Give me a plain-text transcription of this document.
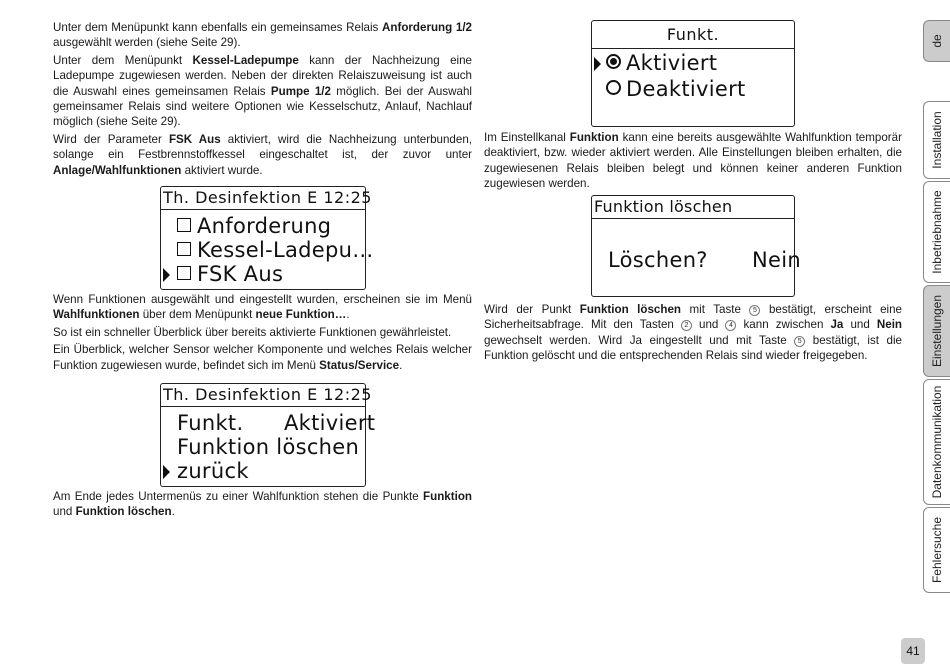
Unter dem Menüpunkt kann ebenfalls ein gemeinsames Relais Anforderung 1/2 ausgewählt werden (siehe Seite 29).

Unter dem Menüpunkt Kessel-Ladepumpe kann der Nachheizung eine Ladepumpe zugewiesen werden. Neben der direkten Relaiszuweisung ist auch die Auswahl eines gemeinsamen Relais Pumpe 1/2 möglich. Bei der Auswahl gemeinsamer Relais sind weitere Optionen wie Kesselschutz, Anlauf, Nachlauf möglich (siehe Seite 29).

Wird der Parameter FSK Aus aktiviert, wird die Nachheizung unterbunden, solange ein Festbrennstoffkessel eingeschaltet ist, der zuvor unter Anlage/Wahlfunktionen aktiviert wurde.

Th. Desinfektion E 12:25
Anforderung
Kessel-Ladepu…
FSK Aus

Wenn Funktionen ausgewählt und eingestellt wurden, erscheinen sie im Menü Wahlfunktionen über dem Menüpunkt neue Funktion….

So ist ein schneller Überblick über bereits aktivierte Funktionen gewährleistet.

Ein Überblick, welcher Sensor welcher Komponente und welches Relais welcher Funktion zugewiesen wurde, befindet sich im Menü Status/Service.

Th. Desinfektion E 12:25
Funkt. Aktiviert
Funktion löschen
zurück

Am Ende jedes Untermenüs zu einer Wahlfunktion stehen die Punkte Funktion und Funktion löschen.

Funkt.
Aktiviert
Deaktiviert

Im Einstellkanal Funktion kann eine bereits ausgewählte Wahlfunktion temporär deaktiviert, bzw. wieder aktiviert werden. Alle Einstellungen bleiben erhalten, die zugewiesenen Relais bleiben belegt und können keiner anderen Funktion zugewiesen werden.

Funktion löschen
Löschen? Nein

Wird der Punkt Funktion löschen mit Taste 5 bestätigt, erscheint eine Sicherheitsabfrage. Mit den Tasten 2 und 4 kann zwischen Ja und Nein gewechselt werden. Wird Ja eingestellt und mit Taste 5 bestätigt, ist die Funktion gelöscht und die entsprechenden Relais sind wieder freigegeben.

de
Installation
Inbetriebnahme
Einstellungen
Datenkommunikation
Fehlersuche
41
